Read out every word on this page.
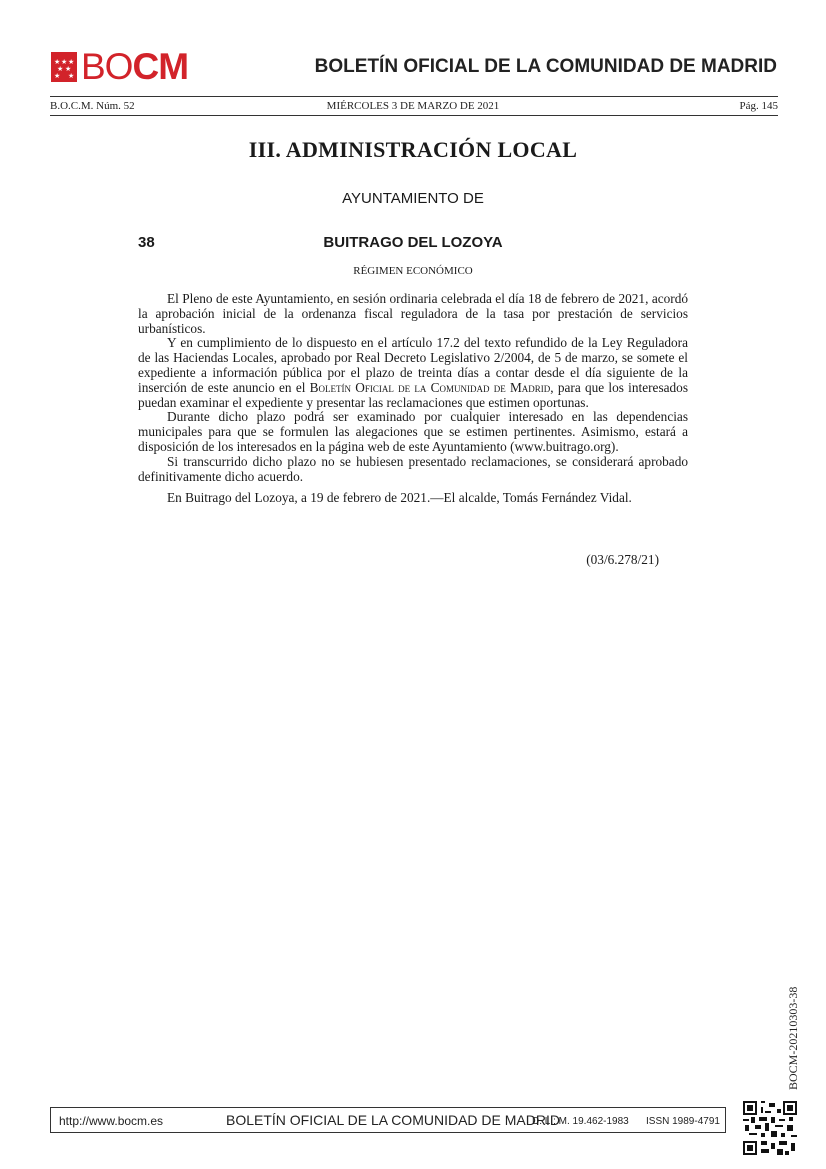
★ ★ ★
★ ★
★ ★ BOCM	BOLETÍN OFICIAL DE LA COMUNIDAD DE MADRID
B.O.C.M. Núm. 52	MIÉRCOLES 3 DE MARZO DE 2021	Pág. 145
III. ADMINISTRACIÓN LOCAL
AYUNTAMIENTO DE
38	BUITRAGO DEL LOZOYA
RÉGIMEN ECONÓMICO

El Pleno de este Ayuntamiento, en sesión ordinaria celebrada el día 18 de febrero de 2021, acordó la aprobación inicial de la ordenanza fiscal reguladora de la tasa por prestación de servicios urbanísticos.

Y en cumplimiento de lo dispuesto en el artículo 17.2 del texto refundido de la Ley Reguladora de las Haciendas Locales, aprobado por Real Decreto Legislativo 2/2004, de 5 de marzo, se somete el expediente a información pública por el plazo de treinta días a contar desde el día siguiente de la inserción de este anuncio en el Boletín Oficial de la Comunidad de Madrid, para que los interesados puedan examinar el expediente y presentar las reclamaciones que estimen oportunas.

Durante dicho plazo podrá ser examinado por cualquier interesado en las dependencias municipales para que se formulen las alegaciones que se estimen pertinentes. Asimismo, estará a disposición de los interesados en la página web de este Ayuntamiento (www.buitrago.org).

Si transcurrido dicho plazo no se hubiesen presentado reclamaciones, se considerará aprobado definitivamente dicho acuerdo.

En Buitrago del Lozoya, a 19 de febrero de 2021.—El alcalde, Tomás Fernández Vidal.

(03/6.278/21)
BOCM-20210303-38
http://www.bocm.es	BOLETÍN OFICIAL DE LA COMUNIDAD DE MADRID
D. L.: M. 19.462-1983 ISSN 1989-4791
